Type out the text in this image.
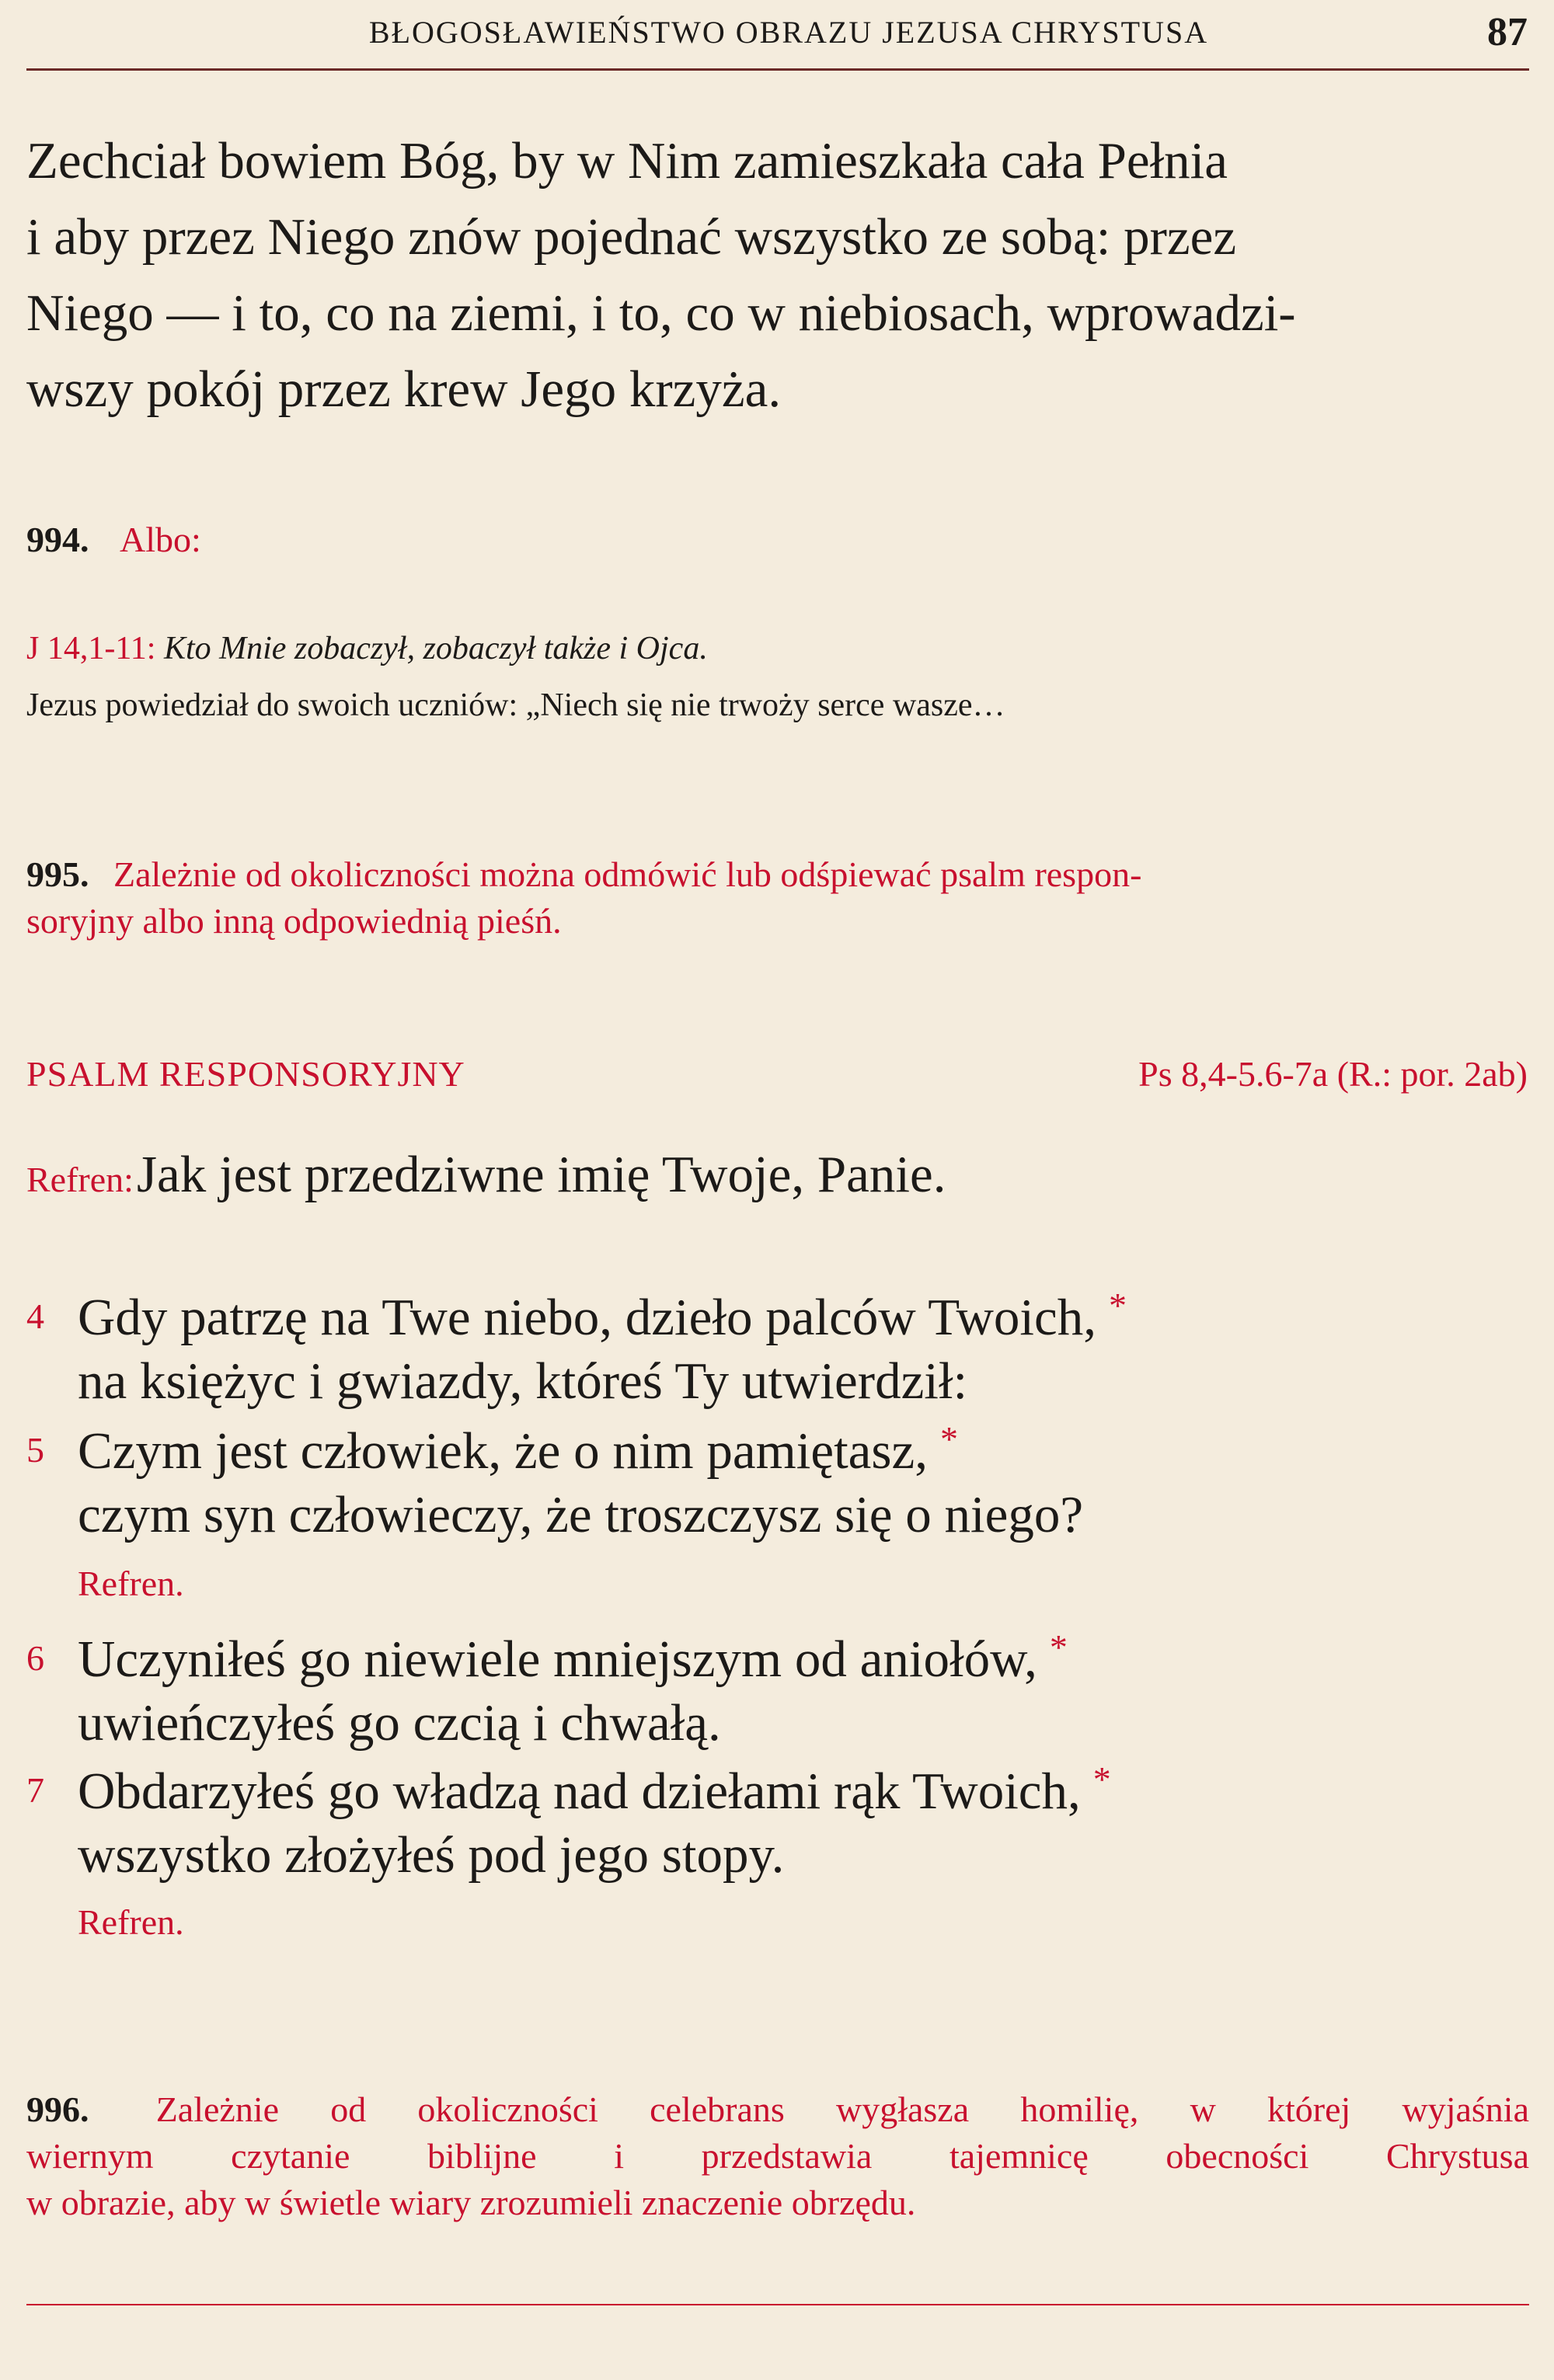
BŁOGOSŁAWIEŃSTWO OBRAZU JEZUSA CHRYSTUSA	87
Zechciał bowiem Bóg, by w Nim zamieszkała cała Pełnia
i aby przez Niego znów pojednać wszystko ze sobą: przez
Niego — i to, co na ziemi, i to, co w niebiosach, wprowadzi-
wszy pokój przez krew Jego krzyża.
994. Albo:
J 14,1-11: Kto Mnie zobaczył, zobaczył także i Ojca.
Jezus powiedział do swoich uczniów: „Niech się nie trwoży serce wasze…
995. Zależnie od okoliczności można odmówić lub odśpiewać psalm respon-
soryjny albo inną odpowiednią pieśń.
PSALM RESPONSORYJNY	Ps 8,4-5.6-7a (R.: por. 2ab)
Refren: Jak jest przedziwne imię Twoje, Panie.
4 Gdy patrzę na Twe niebo, dzieło palców Twoich, *
na księżyc i gwiazdy, któreś Ty utwierdził:
5 Czym jest człowiek, że o nim pamiętasz, *
czym syn człowieczy, że troszczysz się o niego?
Refren.
6 Uczyniłeś go niewiele mniejszym od aniołów, *
uwieńczyłeś go czcią i chwałą.
7 Obdarzyłeś go władzą nad dziełami rąk Twoich, *
wszystko złożyłeś pod jego stopy.
Refren.
996. Zależnie od okoliczności celebrans wygłasza homilię, w której wyjaśnia
wiernym czytanie biblijne i przedstawia tajemnicę obecności Chrystusa
w obrazie, aby w świetle wiary zrozumieli znaczenie obrzędu.
